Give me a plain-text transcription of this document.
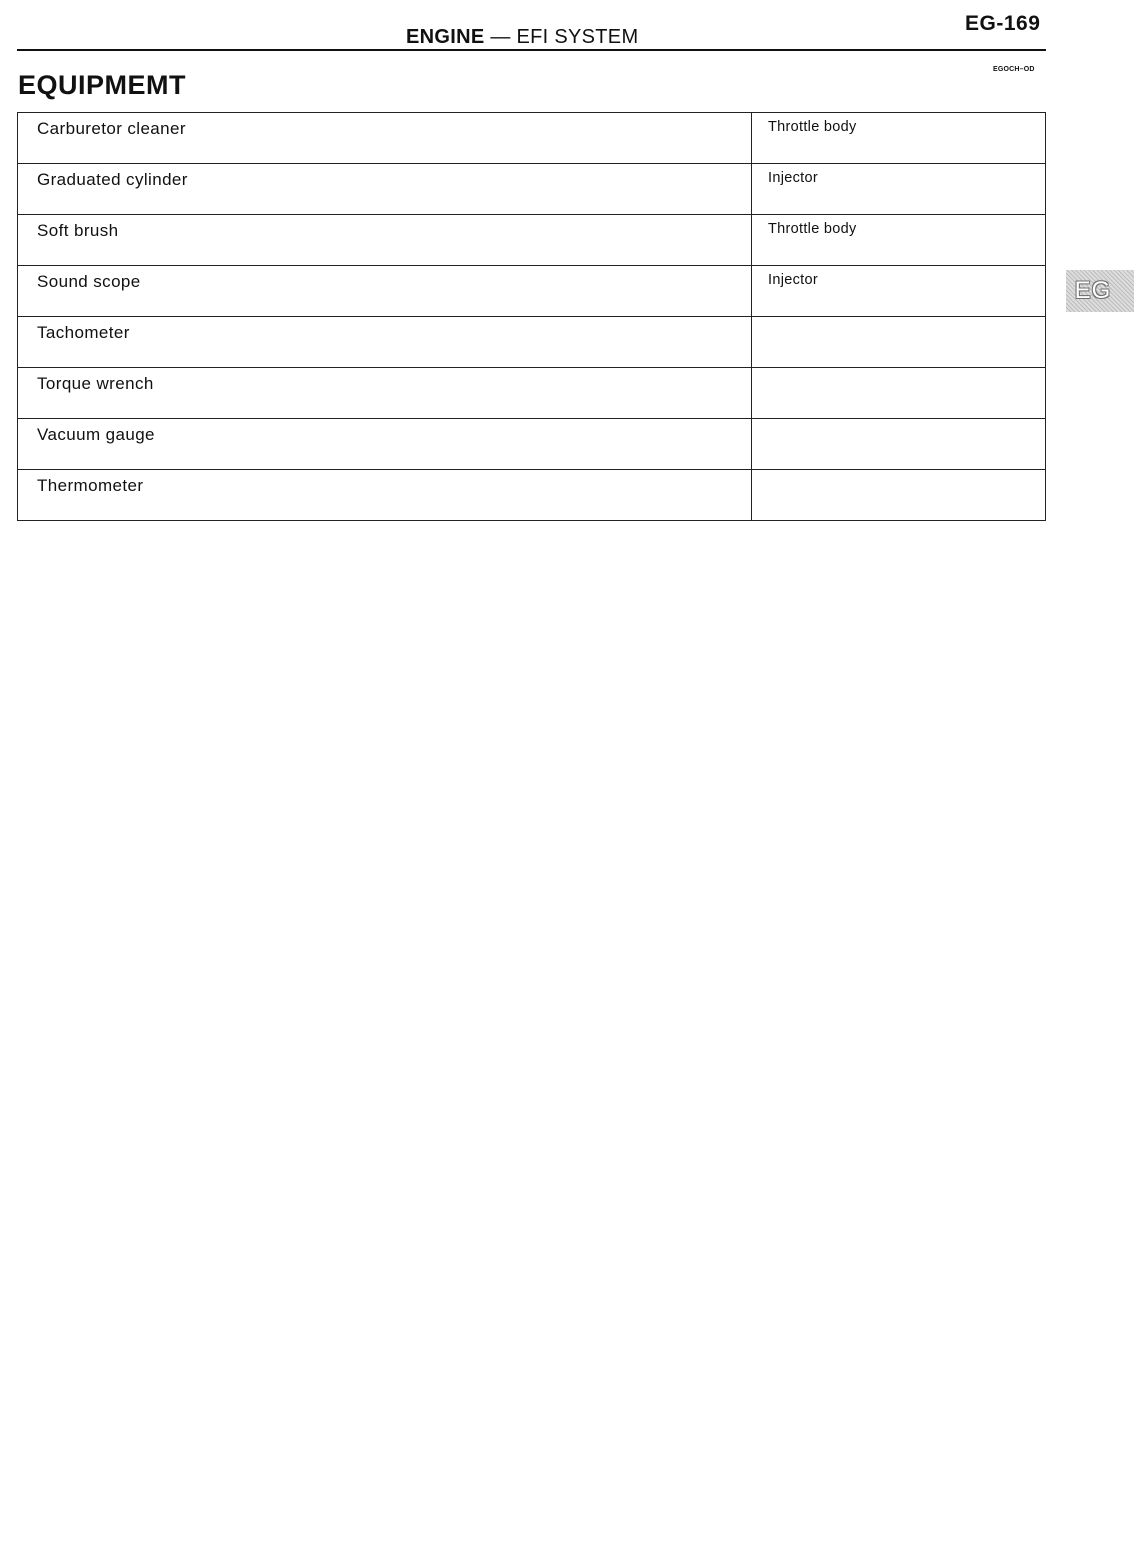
ENGINE — EFI SYSTEM
EG-169
EQUIPMEMT
EGOCH–OD
Carburetor cleaner	Throttle body

Graduated cylinder	Injector

Soft brush	Throttle body

Sound scope	Injector

Tachometer	

Torque wrench	

Vacuum gauge	

Thermometer	

EG
